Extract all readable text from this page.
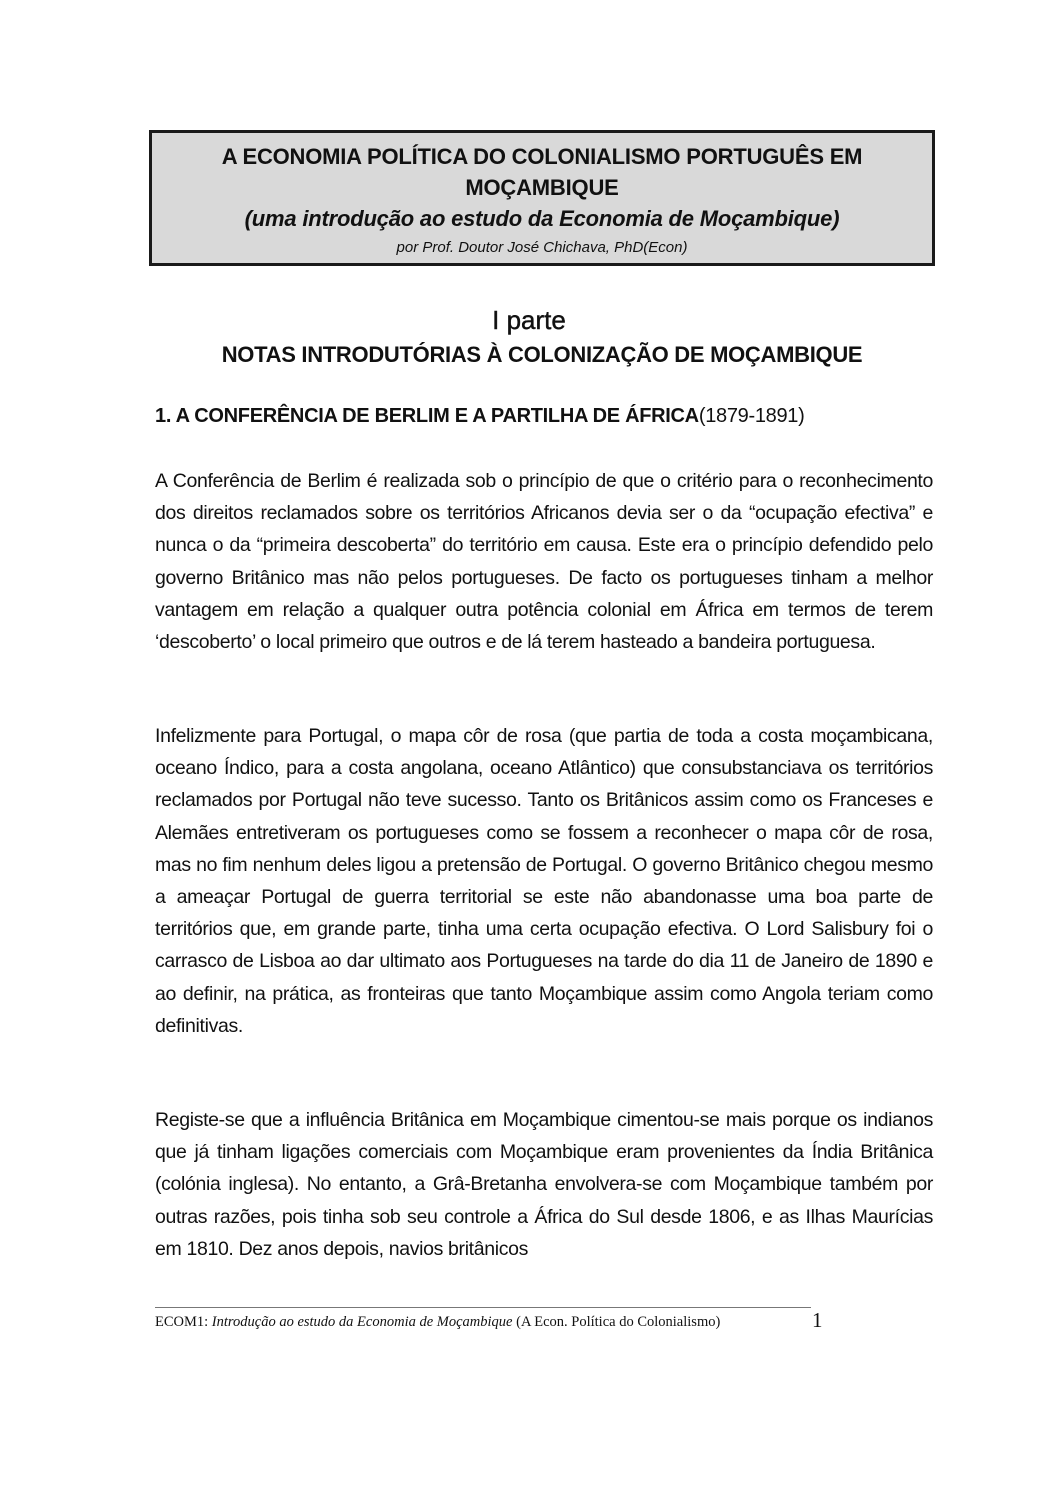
A ECONOMIA POLÍTICA DO COLONIALISMO PORTUGUÊS EM
MOÇAMBIQUE
(uma introdução ao estudo da Economia de Moçambique)
por Prof. Doutor José Chichava, PhD(Econ)
I parte
NOTAS INTRODUTÓRIAS À COLONIZAÇÃO DE MOÇAMBIQUE
1. A CONFERÊNCIA DE BERLIM E A PARTILHA DE ÁFRICA(1879-1891)

A Conferência de Berlim é realizada sob o princípio de que o critério para o reconhecimento dos direitos reclamados sobre os territórios Africanos devia ser o da “ocupação efectiva” e nunca o da “primeira descoberta” do território em causa. Este era o princípio defendido pelo governo Britânico mas não pelos portugueses. De facto os portugueses tinham a melhor vantagem em relação a qualquer outra potência colonial em África em termos de terem ‘descoberto’ o local primeiro que outros e de lá terem hasteado a bandeira portuguesa.

Infelizmente para Portugal, o mapa côr de rosa (que partia de toda a costa moçambicana, oceano Índico, para a costa angolana, oceano Atlântico) que consubstanciava os territórios reclamados por Portugal não teve sucesso. Tanto os Britânicos assim como os Franceses e Alemães entretiveram os portugueses como se fossem a reconhecer o mapa côr de rosa, mas no fim nenhum deles ligou a pretensão de Portugal. O governo Britânico chegou mesmo a ameaçar Portugal de guerra territorial se este não abandonasse uma boa parte de territórios que, em grande parte, tinha uma certa ocupação efectiva. O Lord Salisbury foi o carrasco de Lisboa ao dar ultimato aos Portugueses na tarde do dia 11 de Janeiro de 1890 e ao definir, na prática, as fronteiras que tanto Moçambique assim como Angola teriam como definitivas.

Registe-se que a influência Britânica em Moçambique cimentou-se mais porque os indianos que já tinham ligações comerciais com Moçambique eram provenientes da Índia Britânica (colónia inglesa). No entanto, a Grâ-Bretanha envolvera-se com Moçambique também por outras razões, pois tinha sob seu controle a África do Sul desde 1806, e as Ilhas Maurícias em 1810. Dez anos depois, navios britânicos

ECOM1: Introdução ao estudo da Economia de Moçambique (A Econ. Política do Colonialismo)	1
